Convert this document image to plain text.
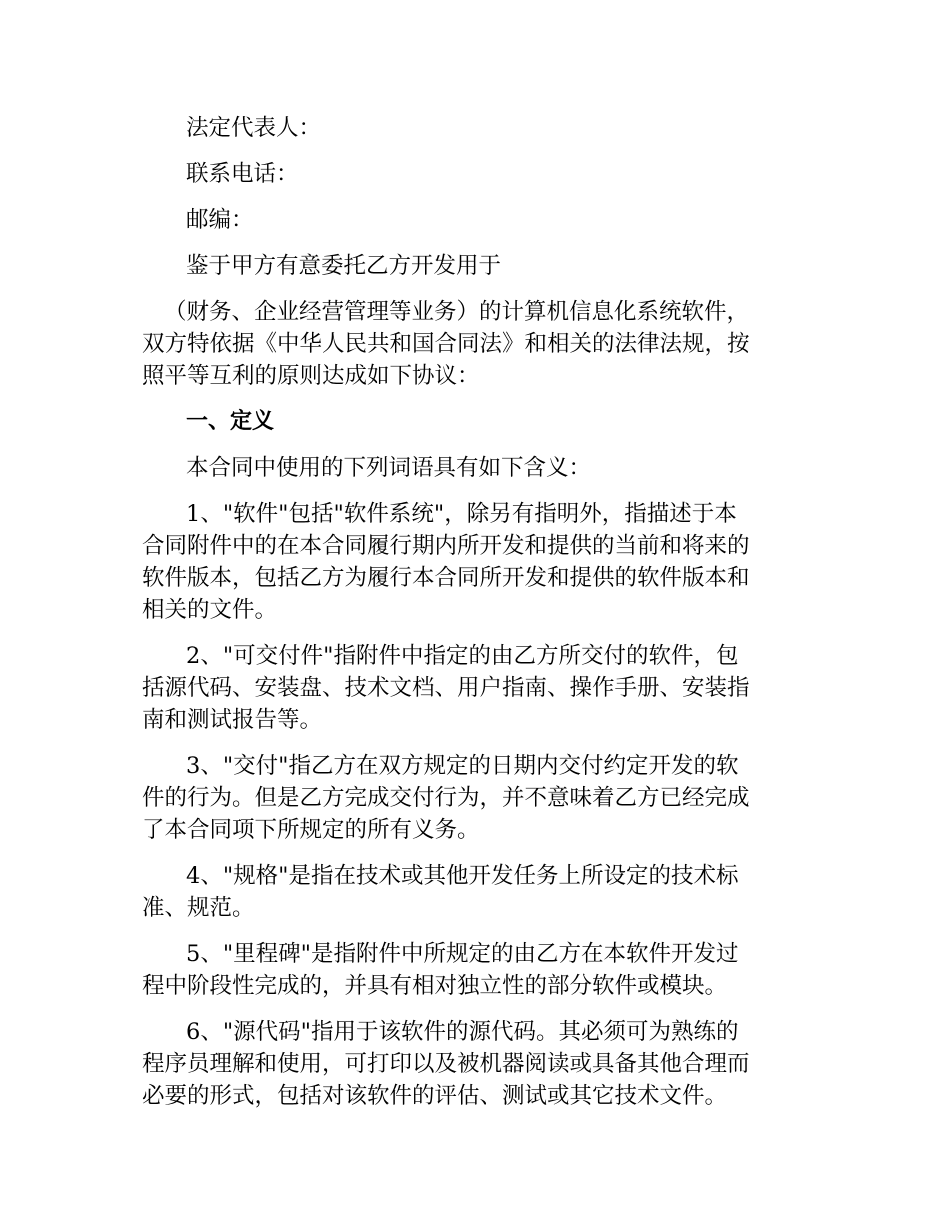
法定代表人：

联系电话：

邮编：

鉴于甲方有意委托乙方开发用于

（财务、企业经营管理等业务）的计算机信息化系统软件，
双方特依据《中华人民共和国合同法》和相关的法律法规，按
照平等互利的原则达成如下协议：

一、定义

本合同中使用的下列词语具有如下含义：

1、"软件"包括"软件系统"，除另有指明外，指描述于本
合同附件中的在本合同履行期内所开发和提供的当前和将来的
软件版本，包括乙方为履行本合同所开发和提供的软件版本和
相关的文件。

2、"可交付件"指附件中指定的由乙方所交付的软件，包
括源代码、安装盘、技术文档、用户指南、操作手册、安装指
南和测试报告等。

3、"交付"指乙方在双方规定的日期内交付约定开发的软
件的行为。但是乙方完成交付行为，并不意味着乙方已经完成
了本合同项下所规定的所有义务。

4、"规格"是指在技术或其他开发任务上所设定的技术标
准、规范。

5、"里程碑"是指附件中所规定的由乙方在本软件开发过
程中阶段性完成的，并具有相对独立性的部分软件或模块。

6、"源代码"指用于该软件的源代码。其必须可为熟练的
程序员理解和使用，可打印以及被机器阅读或具备其他合理而
必要的形式，包括对该软件的评估、测试或其它技术文件。
